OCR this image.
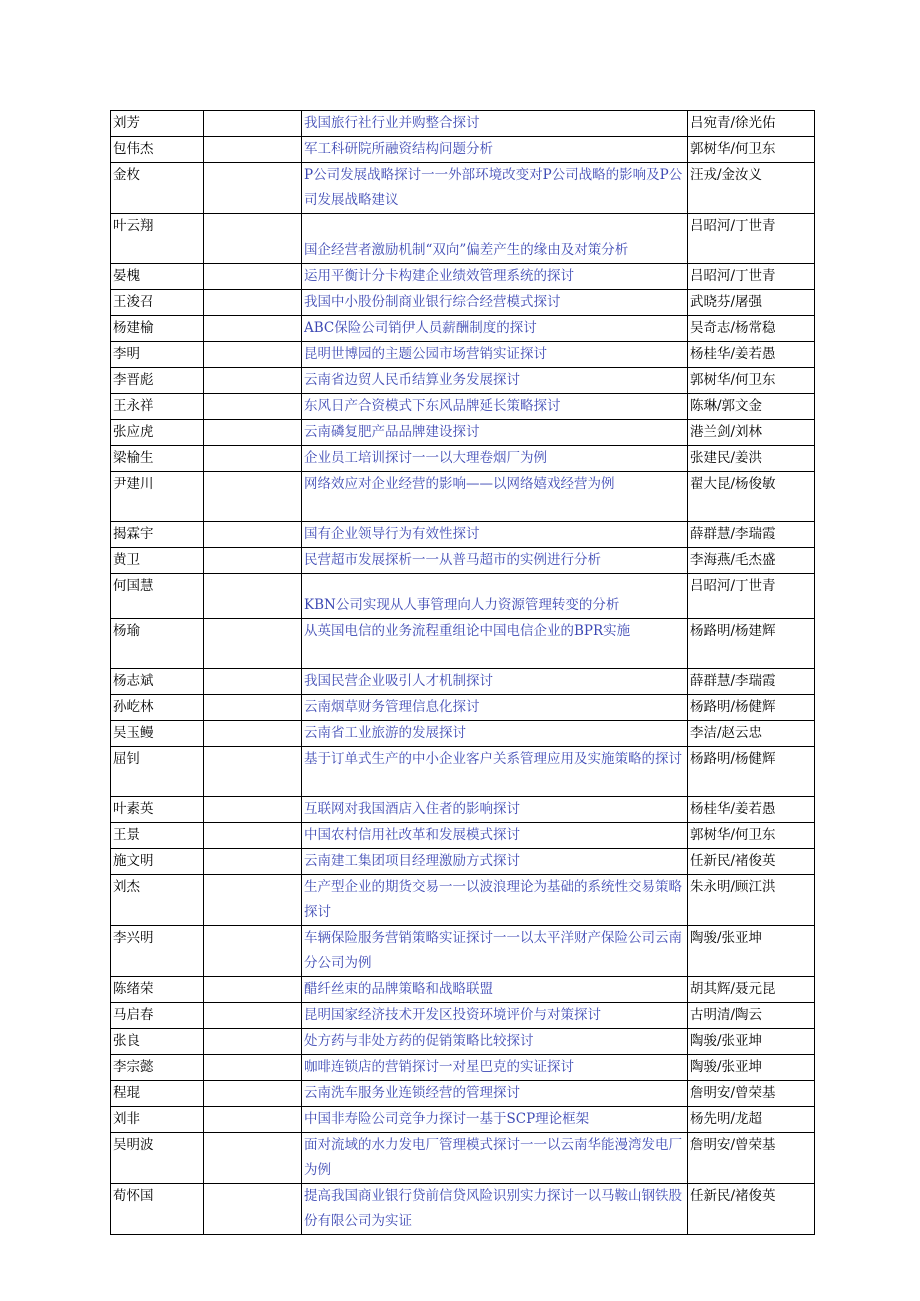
刘芳		我国旅行社行业并购整合探讨	吕宛青/徐光佑
包伟杰		军工科研院所融资结构问题分析	郭树华/何卫东
金枚		P公司发展战略探讨一一外部环境改变对P公司战略的影响及P公司发展战略建议	汪戎/金汝义
叶云翔		国企经营者激励机制“双向”偏差产生的缘由及对策分析	吕昭河/丁世青
晏槐		运用平衡计分卡构建企业绩效管理系统的探讨	吕昭河/丁世青
王浚召		我国中小股份制商业银行综合经营模式探讨	武晓芬/屠强
杨建榆		ABC保险公司销伊人员薪酬制度的探讨	吴奇志/杨常稳
李明		昆明世博园的主题公园市场营销实证探讨	杨桂华/姜若愚
李晋彪		云南省边贸人民币结算业务发展探讨	郭树华/何卫东
王永祥		东风日产合资模式下东风品牌延长策略探讨	陈琳/郭文金
张应虎		云南磷复肥产品品牌建设探讨	港兰剑/刘林
梁榆生		企业员工培训探讨一一以大理卷烟厂为例	张建民/姜洪
尹建川		网络效应对企业经营的影响——以网络嬉戏经营为例	翟大昆/杨俊敏
揭霖宇		国有企业领导行为有效性探讨	薛群慧/李瑞霞
黄卫		民营超市发展探析一一从普马超市的实例进行分析	李海燕/毛杰盛
何国慧		KBN公司实现从人事管理向人力资源管理转变的分析	吕昭河/丁世青
杨瑜		从英国电信的业务流程重组论中国电信企业的BPR实施	杨路明/杨建辉
杨志斌		我国民营企业吸引人才机制探讨	薛群慧/李瑞霞
孙屹林		云南烟草财务管理信息化探讨	杨路明/杨健辉
吴玉鳗		云南省工业旅游的发展探讨	李洁/赵云忠
屈钊		基于订单式生产的中小企业客户关系管理应用及实施策略的探讨	杨路明/杨健辉
叶素英		互联网对我国酒店入住者的影响探讨	杨桂华/姜若愚
王景		中国农村信用社改革和发展模式探讨	郭树华/何卫东
施文明		云南建工集团项目经理激励方式探讨	任新民/褚俊英
刘杰		生产型企业的期货交易一一以波浪理论为基础的系统性交易策略探讨	朱永明/顾江洪
李兴明		车辆保险服务营销策略实证探讨一一以太平洋财产保险公司云南分公司为例	陶骏/张亚坤
陈绪荣		醋纤丝束的品牌策略和战略联盟	胡其辉/聂元昆
马启春		昆明国家经济技术开发区投资环境评价与对策探讨	古明清/陶云
张良		处方药与非处方药的促销策略比较探讨	陶骏/张亚坤
李宗懿		咖啡连锁店的营销探讨一对星巴克的实证探讨	陶骏/张亚坤
程琨		云南洗车服务业连锁经营的管理探讨	詹明安/曾荣基
刘非		中国非寿险公司竞争力探讨一基于SCP理论框架	杨先明/龙超
吴明波		面对流域的水力发电厂管理模式探讨一一以云南华能漫湾发电厂为例	詹明安/曾荣基
荀怀国		提高我国商业银行贷前信贷风险识别实力探讨一以马鞍山钢铁股份有限公司为实证	任新民/褚俊英
